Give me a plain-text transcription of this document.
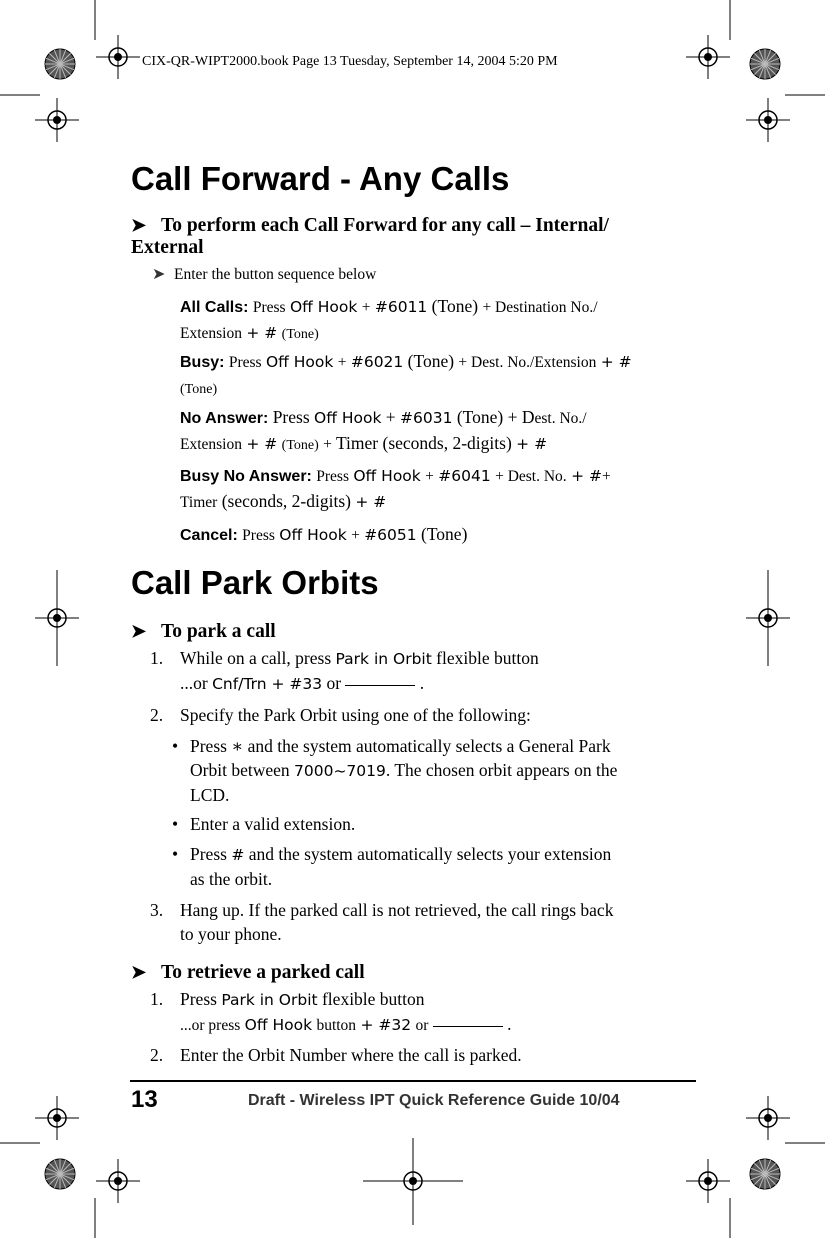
CIX-QR-WIPT2000.book Page 13 Tuesday, September 14, 2004 5:20 PM
Call Forward - Any Calls
➤ To perform each Call Forward for any call – Internal/
External
➤ Enter the button sequence below
All Calls: Press Off Hook + #6011 (Tone) + Destination No./
Extension + # (Tone)
Busy: Press Off Hook + #6021 (Tone) + Dest. No./Extension + #
(Tone)
No Answer: Press Off Hook + #6031 (Tone) + Dest. No./
Extension + # (Tone) + Timer (seconds, 2-digits) + #
Busy No Answer: Press Off Hook + #6041 + Dest. No. + #+
Timer (seconds, 2-digits) + #
Cancel: Press Off Hook + #6051 (Tone)
Call Park Orbits
➤ To park a call
1. While on a call, press Park in Orbit flexible button
...or Cnf/Trn + #33 or	.
2. Specify the Park Orbit using one of the following:
• Press ∗ and the system automatically selects a General Park
Orbit between 7000~7019. The chosen orbit appears on the
LCD.
• Enter a valid extension.
• Press # and the system automatically selects your extension
as the orbit.
3. Hang up. If the parked call is not retrieved, the call rings back
to your phone.
➤ To retrieve a parked call
1. Press Park in Orbit flexible button
...or press Off Hook button + #32 or	.
2. Enter the Orbit Number where the call is parked.
13	Draft - Wireless IPT Quick Reference Guide 10/04
